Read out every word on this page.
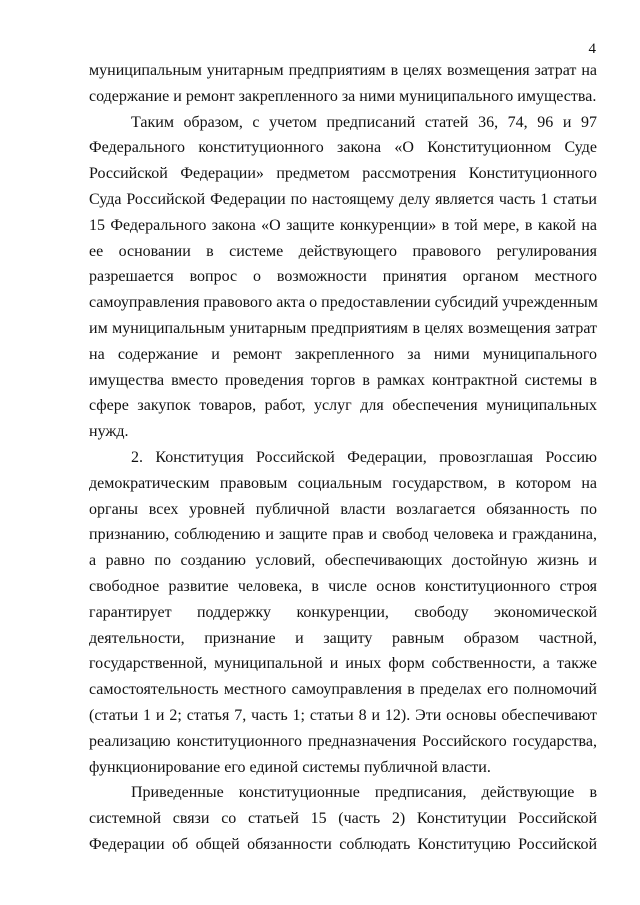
4
муниципальным унитарным предприятиям в целях возмещения затрат на
содержание и ремонт закрепленного за ними муниципального имущества.
Таким образом, с учетом предписаний статей 36, 74, 96 и 97
Федерального конституционного закона «О Конституционном Суде
Российской Федерации» предметом рассмотрения Конституционного
Суда Российской Федерации по настоящему делу является часть 1 статьи
15 Федерального закона «О защите конкуренции» в той мере, в какой на
ее основании в системе действующего правового регулирования
разрешается вопрос о возможности принятия органом местного
самоуправления правового акта о предоставлении субсидий учрежденным
им муниципальным унитарным предприятиям в целях возмещения затрат
на содержание и ремонт закрепленного за ними муниципального
имущества вместо проведения торгов в рамках контрактной системы в
сфере закупок товаров, работ, услуг для обеспечения муниципальных
нужд.
2. Конституция Российской Федерации, провозглашая Россию
демократическим правовым социальным государством, в котором на
органы всех уровней публичной власти возлагается обязанность по
признанию, соблюдению и защите прав и свобод человека и гражданина,
а равно по созданию условий, обеспечивающих достойную жизнь и
свободное развитие человека, в числе основ конституционного строя
гарантирует поддержку конкуренции, свободу экономической
деятельности, признание и защиту равным образом частной,
государственной, муниципальной и иных форм собственности, а также
самостоятельность местного самоуправления в пределах его полномочий
(статьи 1 и 2; статья 7, часть 1; статьи 8 и 12). Эти основы обеспечивают
реализацию конституционного предназначения Российского государства,
функционирование его единой системы публичной власти.
Приведенные конституционные предписания, действующие в
системной связи со статьей 15 (часть 2) Конституции Российской
Федерации об общей обязанности соблюдать Конституцию Российской
